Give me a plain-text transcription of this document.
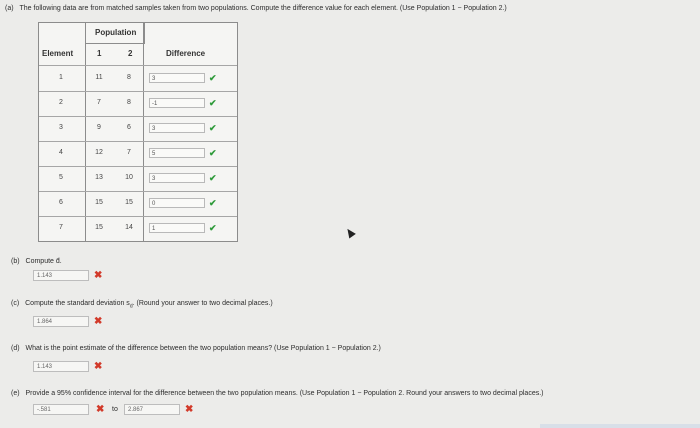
(a) The following data are from matched samples taken from two populations. Compute the difference value for each element. (Use Population 1 − Population 2.)
Population
Element	1	2	Difference
1	11	8	3	✔
2	7	8	-1	✔
3	9	6	3	✔
4	12	7	5	✔
5	13	10	3	✔
6	15	15	0	✔
7	15	14	1	✔
(b) Compute d̄.
1.143	✖
(c) Compute the standard deviation $s_d$. (Round your answer to two decimal places.)
1.864	✖
(d) What is the point estimate of the difference between the two population means? (Use Population 1 − Population 2.)
1.143	✖
(e) Provide a 95% confidence interval for the difference between the two population means. (Use Population 1 − Population 2. Round your answers to two decimal places.)
-.581	✖ to	2.867	✖
